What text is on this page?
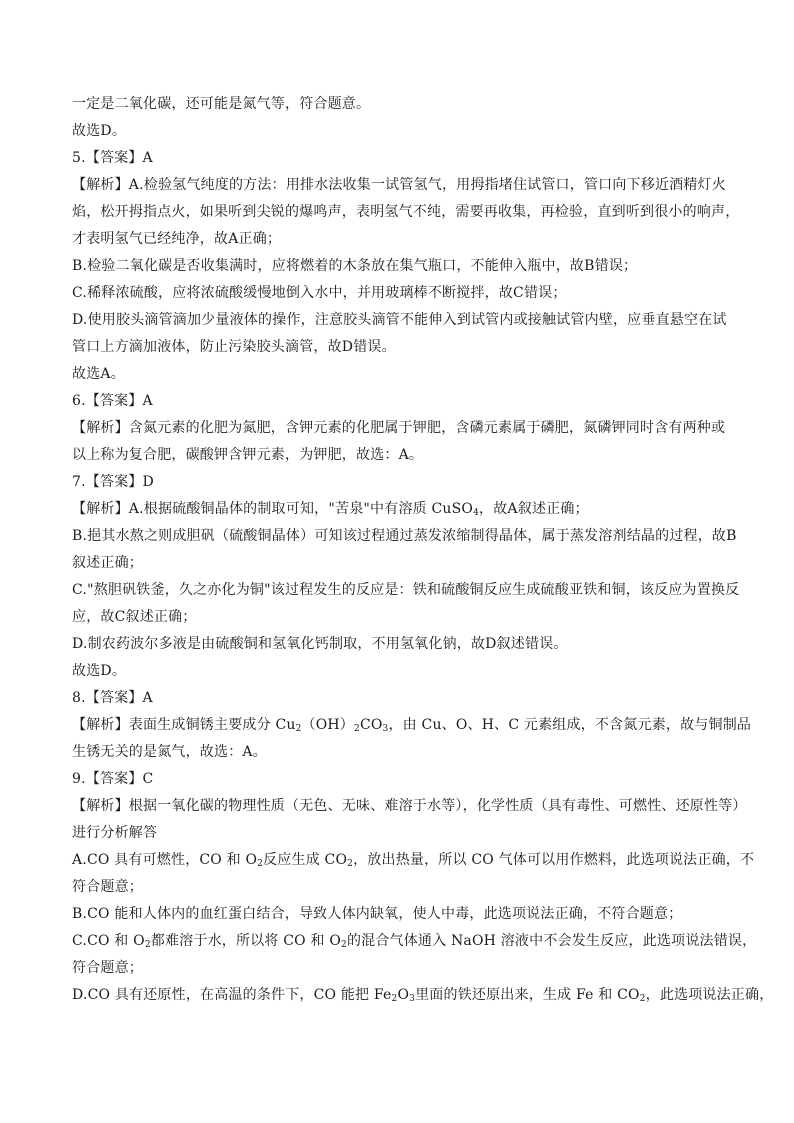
一定是二氧化碳，还可能是氮气等，符合题意。
故选D。
5.【答案】A
【解析】A.检验氢气纯度的方法：用排水法收集一试管氢气，用拇指堵住试管口，管口向下移近酒精灯火
焰，松开拇指点火，如果听到尖锐的爆鸣声，表明氢气不纯，需要再收集，再检验，直到听到很小的响声，
才表明氢气已经纯净，故A正确；
B.检验二氧化碳是否收集满时，应将燃着的木条放在集气瓶口，不能伸入瓶中，故B错误；
C.稀释浓硫酸，应将浓硫酸缓慢地倒入水中，并用玻璃棒不断搅拌，故C错误；
D.使用胶头滴管滴加少量液体的操作，注意胶头滴管不能伸入到试管内或接触试管内壁，应垂直悬空在试
管口上方滴加液体，防止污染胶头滴管，故D错误。
故选A。
6.【答案】A
【解析】含氮元素的化肥为氮肥，含钾元素的化肥属于钾肥，含磷元素属于磷肥，氮磷钾同时含有两种或
以上称为复合肥，碳酸钾含钾元素，为钾肥，故选：A。
7.【答案】D
【解析】A.根据硫酸铜晶体的制取可知，"苦泉"中有溶质 CuSO$_4$，故A叙述正确；
B.挹其水熬之则成胆矾（硫酸铜晶体）可知该过程通过蒸发浓缩制得晶体，属于蒸发溶剂结晶的过程，故B
叙述正确；
C."熬胆矾铁釜，久之亦化为铜"该过程发生的反应是：铁和硫酸铜反应生成硫酸亚铁和铜，该反应为置换反
应，故C叙述正确；
D.制农药波尔多液是由硫酸铜和氢氧化钙制取，不用氢氧化钠，故D叙述错误。
故选D。
8.【答案】A
【解析】表面生成铜锈主要成分 $Cu_2(OH)_2CO_3$，由 Cu、O、H、C 元素组成，不含氮元素，故与铜制品
生锈无关的是氮气，故选：A。
9.【答案】C
【解析】根据一氧化碳的物理性质（无色、无味、难溶于水等），化学性质（具有毒性、可燃性、还原性等）
进行分析解答
A.CO 具有可燃性，CO 和 $O_2$反应生成 $CO_2$，放出热量，所以 CO 气体可以用作燃料，此选项说法正确，不
符合题意；
B.CO 能和人体内的血红蛋白结合，导致人体内缺氧，使人中毒，此选项说法正确，不符合题意；
C.CO 和 $O_2$都难溶于水，所以将 CO 和 $O_2$的混合气体通入 NaOH 溶液中不会发生反应，此选项说法错误，
符合题意；
D.CO 具有还原性，在高温的条件下，CO 能把 $Fe_2O_3$里面的铁还原出来，生成 Fe 和 $CO_2$，此选项说法正确，
